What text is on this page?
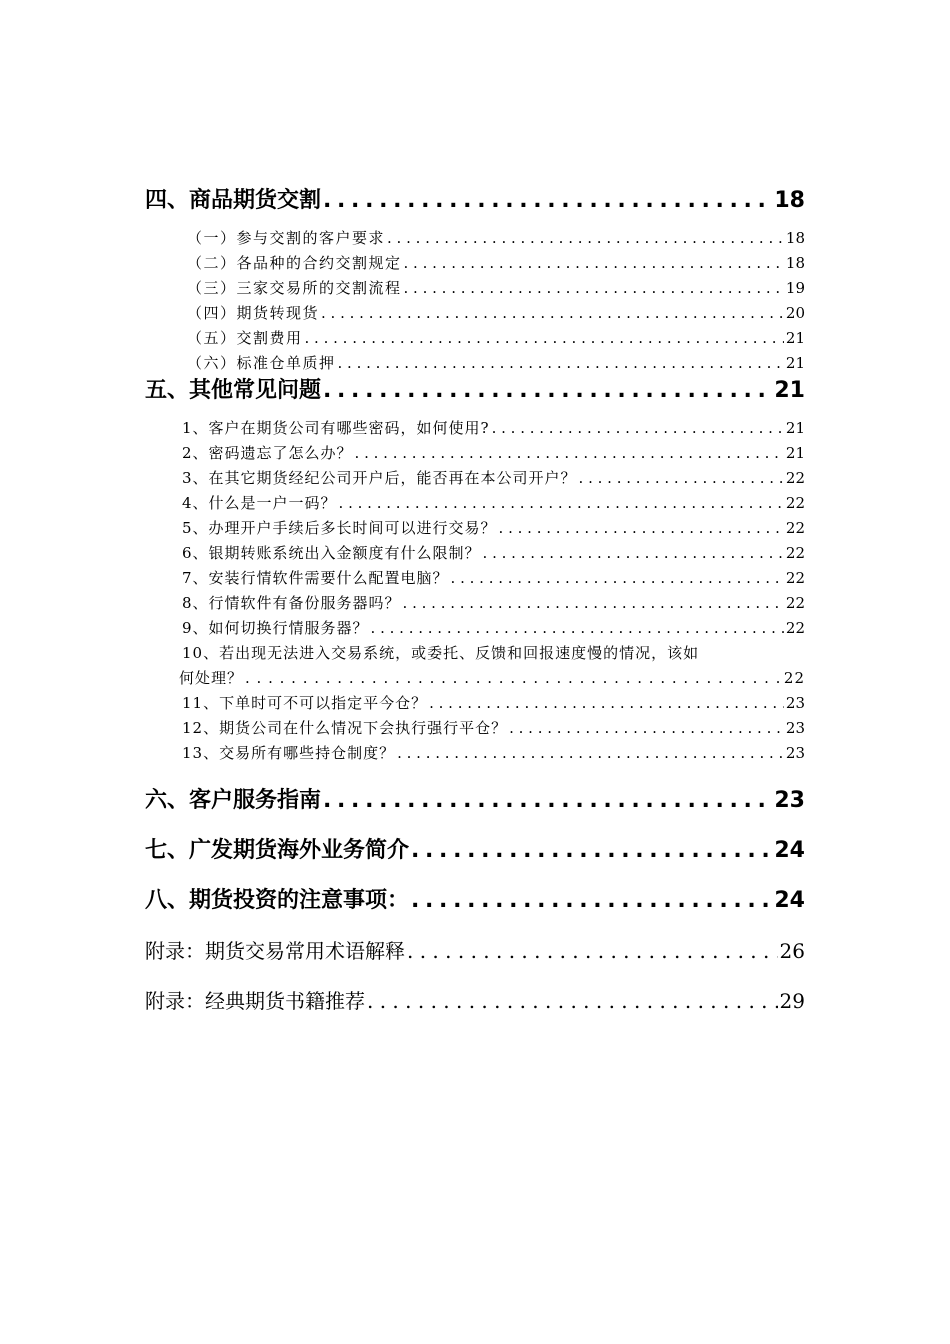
四、商品期货交割 . . .	18
（一）参与交割的客户要求 . . .	18
（二）各品种的合约交割规定 . . .	18
（三）三家交易所的交割流程 . . .	19
（四）期货转现货 . . .	20
（五）交割费用 . . .	21
（六）标准仓单质押 . . .	21
五、其他常见问题 . . .	21
1、客户在期货公司有哪些密码，如何使用? . . .	21
2、密码遗忘了怎么办？ . . .	21
3、在其它期货经纪公司开户后，能否再在本公司开户？ . . .	22
4、什么是一户一码？ . . .	22
5、办理开户手续后多长时间可以进行交易？ . . .	22
6、银期转账系统出入金额度有什么限制？ . . .	22
7、安装行情软件需要什么配置电脑？ . . .	22
8、行情软件有备份服务器吗？ . . .	22
9、如何切换行情服务器？ . . .	22
10、若出现无法进入交易系统，或委托、反馈和回报速度慢的情况，该如
何处理？ . . .	22
11、下单时可不可以指定平今仓？ . . .	23
12、期货公司在什么情况下会执行强行平仓？ . . .	23
13、交易所有哪些持仓制度？ . . .	23
六、客户服务指南 . . .	23
七、广发期货海外业务简介 . . .	24
八、期货投资的注意事项： . . .	24
附录：期货交易常用术语解释 . . .	26
附录：经典期货书籍推荐 . . .	29
